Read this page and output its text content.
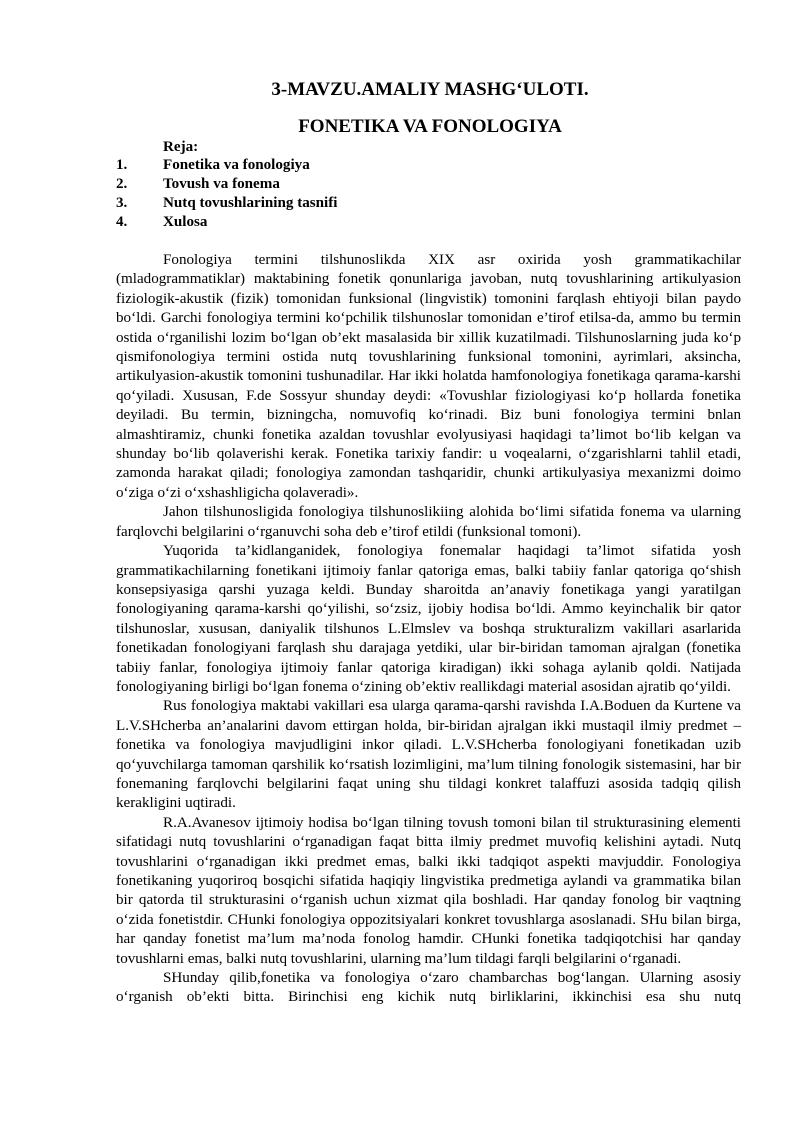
3-MAVZU.AMALIY MASHG‘ULOTI.
FONETIKA VA FONOLOGIYA
Reja:
1.	Fonetika va fonologiya
2.	Tovush va fonema
3.	Nutq tovushlarining tasnifi
4.	Xulosa

Fonologiya termini tilshunoslikda XIX asr oxirida yosh grammatikachilar (mladogrammatiklar) maktabining fonetik qonunlariga javoban, nutq tovushlarining artikulyasion fiziologik-akustik (fizik) tomonidan funksional (lingvistik) tomonini farqlash ehtiyoji bilan paydo bo‘ldi. Garchi fonologiya termini ko‘pchilik tilshunoslar tomonidan e’tirof etilsa-da, ammo bu termin ostida o‘rganilishi lozim bo‘lgan ob’ekt masalasida bir xillik kuzatilmadi. Tilshunoslarning juda ko‘p qismifonologiya termini ostida nutq tovushlarining funksional tomonini, ayrimlari, aksincha, artikulyasion-akustik tomonini tushunadilar. Har ikki holatda hamfonologiya fonetikaga qarama-karshi qo‘yiladi. Xususan, F.de Sossyur shunday deydi: «Tovushlar fiziologiyasi ko‘p hollarda fonetika deyiladi. Bu termin, bizningcha, nomuvofiq ko‘rinadi. Biz buni fonologiya termini bnlan almashtiramiz, chunki fonetika azaldan tovushlar evolyusiyasi haqidagi ta’limot bo‘lib kelgan va shunday bo‘lib qolaverishi kerak. Fonetika tarixiy fandir: u voqealarni, o‘zgarishlarni tahlil etadi, zamonda harakat qiladi; fonologiya zamondan tashqaridir, chunki artikulyasiya mexanizmi doimo o‘ziga o‘zi o‘xshashligicha qolaveradi».

Jahon tilshunosligida fonologiya tilshunoslikiing alohida bo‘limi sifatida fonema va ularning farqlovchi belgilarini o‘rganuvchi soha deb e’tirof etildi (funksional tomoni).

Yuqorida ta’kidlanganidek, fonologiya fonemalar haqidagi ta’limot sifatida yosh grammatikachilarning fonetikani ijtimoiy fanlar qatoriga emas, balki tabiiy fanlar qatoriga qo‘shish konsepsiyasiga qarshi yuzaga keldi. Bunday sharoitda an’anaviy fonetikaga yangi yaratilgan fonologiyaning qarama-karshi qo‘yilishi, so‘zsiz, ijobiy hodisa bo‘ldi. Ammo keyinchalik bir qator tilshunoslar, xususan, daniyalik tilshunos L.Elmslev va boshqa strukturalizm vakillari asarlarida fonetikadan fonologiyani farqlash shu darajaga yetdiki, ular bir-biridan tamoman ajralgan (fonetika tabiiy fanlar, fonologiya ijtimoiy fanlar qatoriga kiradigan) ikki sohaga aylanib qoldi. Natijada fonologiyaning birligi bo‘lgan fonema o‘zining ob’ektiv reallikdagi material asosidan ajratib qo‘yildi.

Rus fonologiya maktabi vakillari esa ularga qarama-qarshi ravishda I.A.Boduen da Kurtene va L.V.SHcherba an’analarini davom ettirgan holda, bir-biridan ajralgan ikki mustaqil ilmiy predmet – fonetika va fonologiya mavjudligini inkor qiladi. L.V.SHcherba fonologiyani fonetikadan uzib qo‘yuvchilarga tamoman qarshilik ko‘rsatish lozimligini, ma’lum tilning fonologik sistemasini, har bir fonemaning farqlovchi belgilarini faqat uning shu tildagi konkret talaffuzi asosida tadqiq qilish kerakligini uqtiradi.

R.A.Avanesov ijtimoiy hodisa bo‘lgan tilning tovush tomoni bilan til strukturasining elementi sifatidagi nutq tovushlarini o‘rganadigan faqat bitta ilmiy predmet muvofiq kelishini aytadi. Nutq tovushlarini o‘rganadigan ikki predmet emas, balki ikki tadqiqot aspekti mavjuddir. Fonologiya fonetikaning yuqoriroq bosqichi sifatida haqiqiy lingvistika predmetiga aylandi va grammatika bilan bir qatorda til strukturasini o‘rganish uchun xizmat qila boshladi. Har qanday fonolog bir vaqtning o‘zida fonetistdir. CHunki fonologiya oppozitsiyalari konkret tovushlarga asoslanadi. SHu bilan birga, har qanday fonetist ma’lum ma’noda fonolog hamdir. CHunki fonetika tadqiqotchisi har qanday tovushlarni emas, balki nutq tovushlarini, ularning ma’lum tildagi farqli belgilarini o‘rganadi.

SHunday qilib,fonetika va fonologiya o‘zaro chambarchas bog‘langan. Ularning asosiy o‘rganish ob’ekti bitta. Birinchisi eng kichik nutq birliklarini, ikkinchisi esa shu nutq
